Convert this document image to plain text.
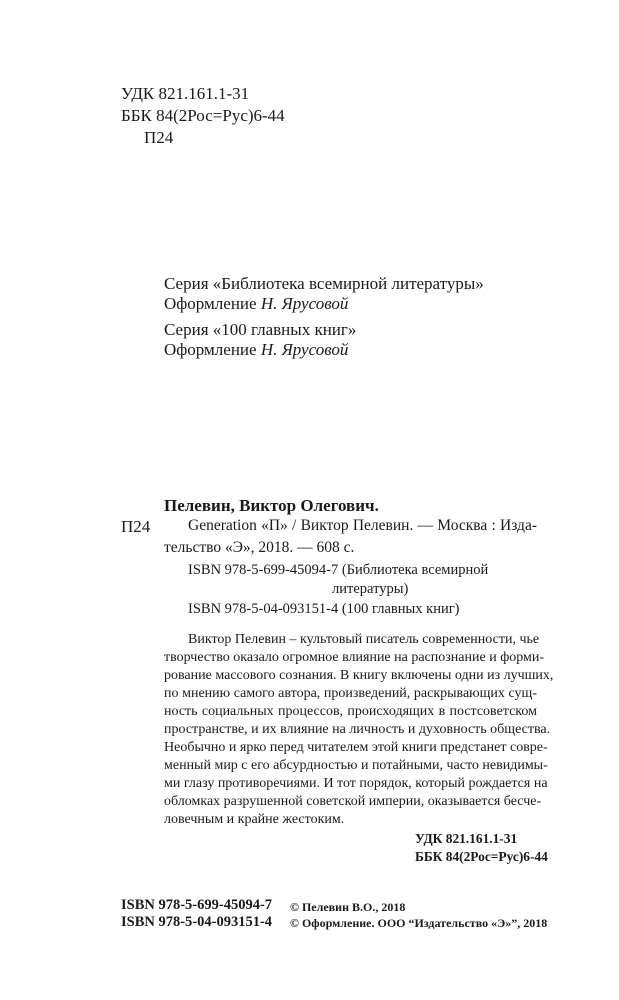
УДК 821.161.1-31
ББК 84(2Рос=Рус)6-44
П24
Серия «Библиотека всемирной литературы»
Оформление Н. Ярусовой
Серия «100 главных книг»
Оформление Н. Ярусовой
Пелевин, Виктор Олегович.
П24 Generation «П» / Виктор Пелевин. — Москва : Изда-
тельство «Э», 2018. — 608 с.
ISBN 978-5-699-45094-7 (Библиотека всемирной
литературы)
ISBN 978-5-04-093151-4 (100 главных книг)
Виктор Пелевин – культовый писатель современности, чье
творчество оказало огромное влияние на распознание и форми-
рование массового сознания. В книгу включены одни из лучших,
по мнению самого автора, произведений, раскрывающих сущ-
ность социальных процессов, происходящих в постсоветском
пространстве, и их влияние на личность и духовность общества.
Необычно и ярко перед читателем этой книги предстанет совре-
менный мир с его абсурдностью и потайными, часто невидимы-
ми глазу противоречиями. И тот порядок, который рождается на
обломках разрушенной советской империи, оказывается бесче-
ловечным и крайне жестоким.
УДК 821.161.1-31
ББК 84(2Рос=Рус)6-44
ISBN 978-5-699-45094-7
ISBN 978-5-04-093151-4
© Пелевин В.О., 2018
© Оформление. ООО “Издательство «Э»”, 2018
